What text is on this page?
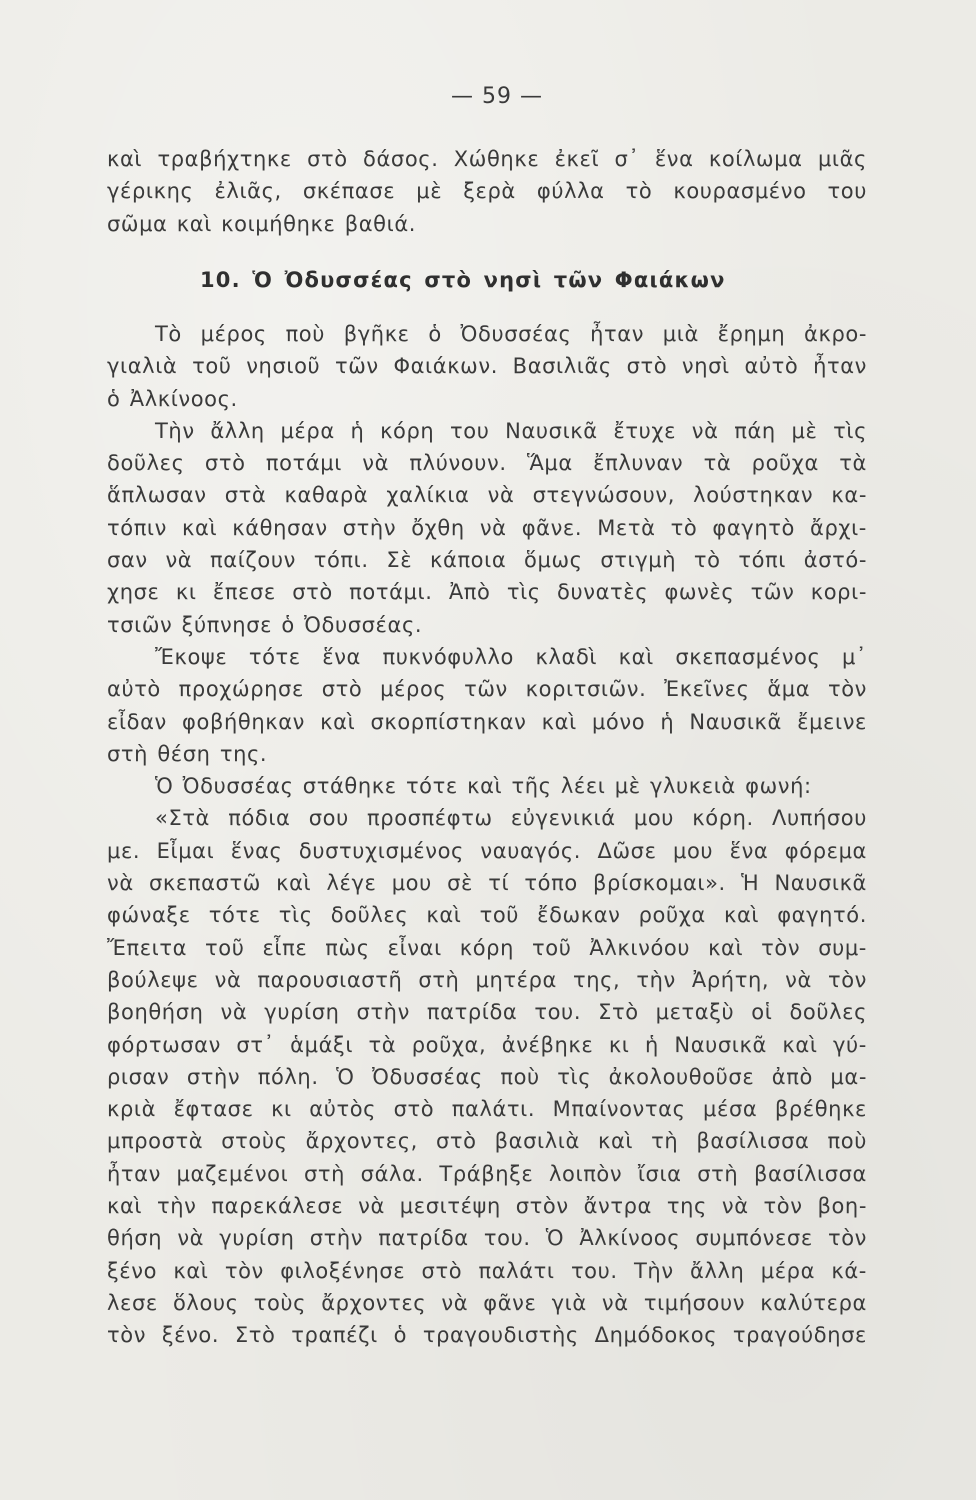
— 59 —
καὶ τραβήχτηκε στὸ δάσος. Χώθηκε ἐκεῖ σ᾿ ἕνα κοίλωμα μιᾶς
γέρικης ἐλιᾶς, σκέπασε μὲ ξερὰ φύλλα τὸ κουρασμένο του
σῶμα καὶ κοιμήθηκε βαθιά.
10. Ὁ Ὀδυσσέας στὸ νησὶ τῶν Φαιάκων
Τὸ μέρος ποὺ βγῆκε ὁ Ὀδυσσέας ἦταν μιὰ ἔρημη ἀκρο-
γιαλιὰ τοῦ νησιοῦ τῶν Φαιάκων. Βασιλιᾶς στὸ νησὶ αὐτὸ ἦταν
ὁ Ἀλκίνοος.
Τὴν ἄλλη μέρα ἡ κόρη του Ναυσικᾶ ἔτυχε νὰ πάη μὲ τὶς
δοῦλες στὸ ποτάμι νὰ πλύνουν. Ἅμα ἔπλυναν τὰ ροῦχα τὰ
ἅπλωσαν στὰ καθαρὰ χαλίκια νὰ στεγνώσουν, λούστηκαν κα-
τόπιν καὶ κάθησαν στὴν ὄχθη νὰ φᾶνε. Μετὰ τὸ φαγητὸ ἄρχι-
σαν νὰ παίζουν τόπι. Σὲ κάποια ὅμως στιγμὴ τὸ τόπι ἀστό-
χησε κι ἔπεσε στὸ ποτάμι. Ἀπὸ τὶς δυνατὲς φωνὲς τῶν κορι-
τσιῶν ξύπνησε ὁ Ὀδυσσέας.
Ἔκοψε τότε ἕνα πυκνόφυλλο κλαδὶ καὶ σκεπασμένος μ᾿
αὐτὸ προχώρησε στὸ μέρος τῶν κοριτσιῶν. Ἐκεῖνες ἅμα τὸν
εἶδαν φοβήθηκαν καὶ σκορπίστηκαν καὶ μόνο ἡ Ναυσικᾶ ἔμεινε
στὴ θέση της.
Ὁ Ὀδυσσέας στάθηκε τότε καὶ τῆς λέει μὲ γλυκειὰ φωνή:
«Στὰ πόδια σου προσπέφτω εὐγενικιά μου κόρη. Λυπήσου
με. Εἶμαι ἕνας δυστυχισμένος ναυαγός. Δῶσε μου ἕνα φόρεμα
νὰ σκεπαστῶ καὶ λέγε μου σὲ τί τόπο βρίσκομαι». Ἡ Ναυσικᾶ
φώναξε τότε τὶς δοῦλες καὶ τοῦ ἔδωκαν ροῦχα καὶ φαγητό.
Ἔπειτα τοῦ εἶπε πὼς εἶναι κόρη τοῦ Ἀλκινόου καὶ τὸν συμ-
βούλεψε νὰ παρουσιαστῆ στὴ μητέρα της, τὴν Ἀρήτη, νὰ τὸν
βοηθήση νὰ γυρίση στὴν πατρίδα του. Στὸ μεταξὺ οἱ δοῦλες
φόρτωσαν στ᾿ ἁμάξι τὰ ροῦχα, ἀνέβηκε κι ἡ Ναυσικᾶ καὶ γύ-
ρισαν στὴν πόλη. Ὁ Ὀδυσσέας ποὺ τὶς ἀκολουθοῦσε ἀπὸ μα-
κριὰ ἔφτασε κι αὐτὸς στὸ παλάτι. Μπαίνοντας μέσα βρέθηκε
μπροστὰ στοὺς ἄρχοντες, στὸ βασιλιὰ καὶ τὴ βασίλισσα ποὺ
ἦταν μαζεμένοι στὴ σάλα. Τράβηξε λοιπὸν ἴσια στὴ βασίλισσα
καὶ τὴν παρεκάλεσε νὰ μεσιτέψη στὸν ἄντρα της νὰ τὸν βοη-
θήση νὰ γυρίση στὴν πατρίδα του. Ὁ Ἀλκίνοος συμπόνεσε τὸν
ξένο καὶ τὸν φιλοξένησε στὸ παλάτι του. Τὴν ἄλλη μέρα κά-
λεσε ὅλους τοὺς ἄρχοντες νὰ φᾶνε γιὰ νὰ τιμήσουν καλύτερα
τὸν ξένο. Στὸ τραπέζι ὁ τραγουδιστὴς Δημόδοκος τραγούδησε
